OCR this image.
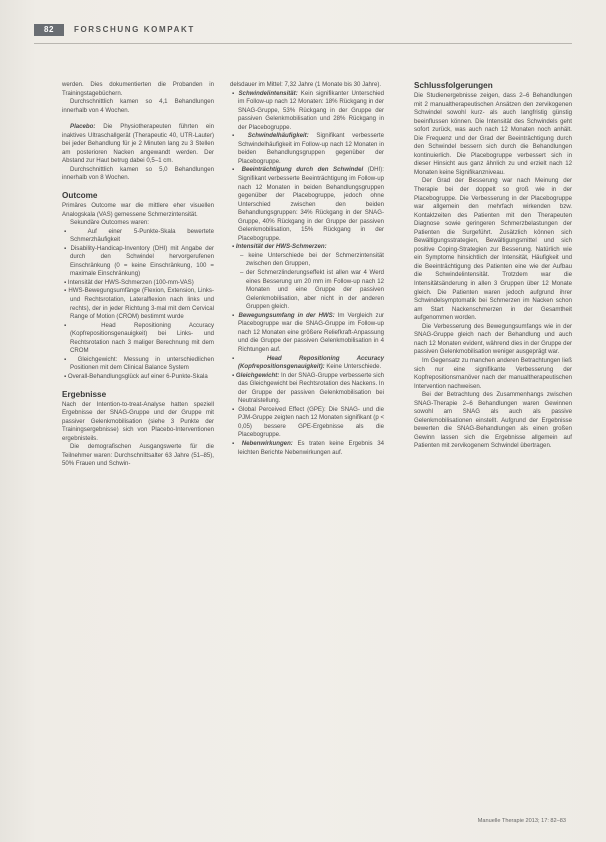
82	FORSCHUNG KOMPAKT

werden. Dies dokumentierten die Probanden in Trainingstagebüchern.

Durchschnittlich kamen so 4,1 Behandlungen innerhalb von 4 Wochen.

Placebo: Die Physiotherapeuten führten ein inaktives Ultraschallgerät (Therapeutic 40, UTR-Lauter) bei jeder Behandlung für je 2 Minuten lang zu 3 Stellen am posterioren Nacken angewandt werden. Der Abstand zur Haut betrug dabei 0,5–1 cm.

Durchschnittlich kamen so 5,0 Behandlungen innerhalb von 8 Wochen.

Outcome

Primäres Outcome war die mittlere eher visuellen Analogskala (VAS) gemessene Schmerzintensität.

Sekundäre Outcomes waren:

▪ Auf einer 5-Punkte-Skala bewertete Schmerzhäufigkeit

▪ Disability-Handicap-Inventory (DHI) mit Angabe der durch den Schwindel hervorgerufenen Einschränkung (0 = keine Einschränkung, 100 = maximale Einschränkung)

▪ Intensität der HWS-Schmerzen (100-mm-VAS)

▪ HWS-Bewegungsumfänge (Flexion, Extension, Links- und Rechtsrotation, Lateralflexion nach links und rechts), der in jeder Richtung 3-mal mit dem Cervical Range of Motion (CROM) bestimmt wurde

▪ Head Repositioning Accuracy (Kopfrepositionsgenauigkeit) bei Links- und Rechtsrotation nach 3 maliger Berechnung mit dem CROM

▪ Gleichgewicht: Messung in unterschiedlichen Positionen mit dem Clinical Balance System

▪ Overall-Behandlungsglück auf einer 6-Punkte-Skala

Ergebnisse

Nach der Intention-to-treat-Analyse hatten speziell Ergebnisse der SNAG-Gruppe und der Gruppe mit passiver Gelenkmobilisation (siehe 3 Punkte der Trainingsergebnisse) sich von Placebo-Interventionen ergebnisteils.

Die demografischen Ausgangswerte für die Teilnehmer waren: Durchschnittsalter 63 Jahre (51–85), 50% Frauen und Schwin-

delsdauer im Mittel: 7,32 Jahre (1 Monate bis 30 Jahre).

▪ Schwindelintensität: Kein signifikanter Unterschied im Follow-up nach 12 Monaten: 18% Rückgang in der SNAG-Gruppe, 53% Rückgang in der Gruppe der passiven Gelenkmobilisation und 28% Rückgang in der Placebogruppe.

▪ Schwindelhäufigkeit: Signifikant verbesserte Schwindelhäufigkeit im Follow-up nach 12 Monaten in beiden Behandlungsgruppen gegenüber der Placebogruppe.

▪ Beeinträchtigung durch den Schwindel (DHI): Signifikant verbesserte Beeinträchtigung im Follow-up nach 12 Monaten in beiden Behandlungsgruppen gegenüber der Placebogruppe, jedoch ohne Unterschied zwischen den beiden Behandlungsgruppen: 34% Rückgang in der SNAG-Gruppe, 40% Rückgang in der Gruppe der passiven Gelenkmobilisation, 15% Rückgang in der Placebogruppe.

▪ Intensität der HWS-Schmerzen:

– keine Unterschiede bei der Schmerzintensität zwischen den Gruppen,

– der Schmerzlinderungseffekt ist allen war 4 Werd eines Besserung um 20 mm im Follow-up nach 12 Monaten und eine Gruppe der passiven Gelenkmobilisation, aber nicht in der anderen Gruppen gleich.

▪ Bewegungsumfang in der HWS: Im Vergleich zur Placebogruppe war die SNAG-Gruppe im Follow-up nach 12 Monaten eine größere Reliefkraft-Anpassung und die Gruppe der passiven Gelenkmobilisation in 4 Richtungen auf.

▪ Head Repositioning Accuracy (Kopfrepositionsgenauigkeit): Keine Unterschiede.

▪ Gleichgewicht: In der SNAG-Gruppe verbesserte sich das Gleichgewicht bei Rechtsrotation des Nackens. In der Gruppe der passiven Gelenkmobilisation bei Neutralstellung.

▪ Global Perceived Effect (GPE): Die SNAG- und die PJM-Gruppe zeigten nach 12 Monaten signifikant (p < 0,05) bessere GPE-Ergebnisse als die Placebogruppe.

▪ Nebenwirkungen: Es traten keine Ergebnis 34 leichten Berichte Nebenwirkungen auf.

Schlussfolgerungen

Die Studienergebnisse zeigen, dass 2–6 Behandlungen mit 2 manualtherapeutischen Ansätzen den zervikogenen Schwindel sowohl kurz- als auch langfristig günstig beeinflussen können. Die Intensität des Schwindels geht sofort zurück, was auch nach 12 Monaten noch anhält. Die Frequenz und der Grad der Beeinträchtigung durch den Schwindel bessern sich durch die Behandlungen kontinuierlich. Die Placebogruppe verbessert sich in dieser Hinsicht aus ganz ähnlich zu und erzielt nach 12 Monaten keine Signifikanzniveau.

Der Grad der Besserung war nach Meinung der Therapie bei der doppelt so groß wie in der Placebogruppe. Die Verbesserung in der Placebogruppe war allgemein den mehrfach wirkenden bzw. Kontaktzeiten des Patienten mit den Therapeuten Diagnose sowie geringeren Schmerzbelastungen der Patienten die Surgeführt. Zusätzlich können sich Bewältigungsstrategien, Bewältigungsmittel und sich positive Coping-Strategien zur Besserung. Natürlich wie ein Symptome hinsichtlich der Intensität, Häufigkeit und die Beeinträchtigung des Patienten eine wie der Aufbau die Schwindelintensität. Trotzdem war die Intensitätsänderung in allen 3 Gruppen über 12 Monate gleich. Die Patienten waren jedoch aufgrund ihrer Schwindelsymptomatik bei Schmerzen im Nacken schon am Start Nackenschmerzen in der Gesamtheit aufgenommen worden.

Die Verbesserung des Bewegungsumfangs wie in der SNAG-Gruppe gleich nach der Behandlung und auch nach 12 Monaten evident, während dies in der Gruppe der passiven Gelenkmobilisation weniger ausgeprägt war.

Im Gegensatz zu manchen anderen Betrachtungen ließ sich nur eine signifikante Verbesserung der Kopfrepositionsmanöver nach der manualtherapeutischen Intervention nachweisen.

Bei der Betrachtung des Zusammenhangs zwischen SNAG-Therapie 2–6 Behandlungen waren Gewinnen sowohl am SNAG als auch als passive Gelenkmobilisationen einstellt. Aufgrund der Ergebnisse bewerten die SNAG-Behandlungen als einen großen Gewinn lassen sich die Ergebnisse allgemein auf Patienten mit zervikogenem Schwindel übertragen.

Manuelle Therapie 2013; 17: 82–83
